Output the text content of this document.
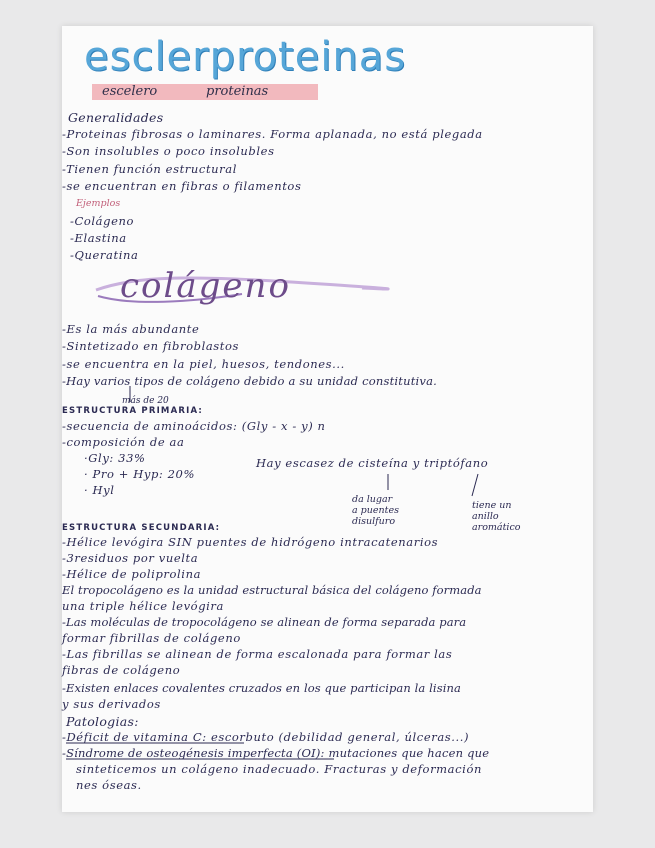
esclerproteinas
escelero	proteinas
Generalidades
-Proteinas fibrosas o laminares. Forma aplanada, no está plegada
-Son insolubles o poco insolubles
-Tienen función estructural
-se encuentran en fibras o filamentos
Ejemplos
-Colágeno
-Elastina
-Queratina
colágeno
-Es la más abundante
-Sintetizado en fibroblastos
-se encuentra en la piel, huesos, tendones...
-Hay varios tipos de colágeno debido a su unidad constitutiva.
más de 20
ESTRUCTURA PRIMARIA:
-secuencia de aminoácidos: (Gly - x - y) n
-composición de aa
·Gly: 33%
· Pro + Hyp: 20%
· Hyl
Hay escasez de cisteína y triptófano
da lugar
a puentes
disulfuro
tiene un
anillo
aromático
ESTRUCTURA SECUNDARIA:
-Hélice levógira SIN puentes de hidrógeno intracatenarios
-3residuos por vuelta
-Hélice de poliprolina
El tropocolágeno es la unidad estructural básica del colágeno formada
una triple hélice levógira
-Las moléculas de tropocolágeno se alinean de forma separada para
formar fibrillas de colágeno
-Las fibrillas se alinean de forma escalonada para formar las
fibras de colágeno
-Existen enlaces covalentes cruzados en los que participan la lisina
y sus derivados
Patologias:
-Déficit de vitamina C: escorbuto (debilidad general, úlceras...)
-Síndrome de osteogénesis imperfecta (OI): mutaciones que hacen que
sinteticemos un colágeno inadecuado. Fracturas y deformación
nes óseas.
